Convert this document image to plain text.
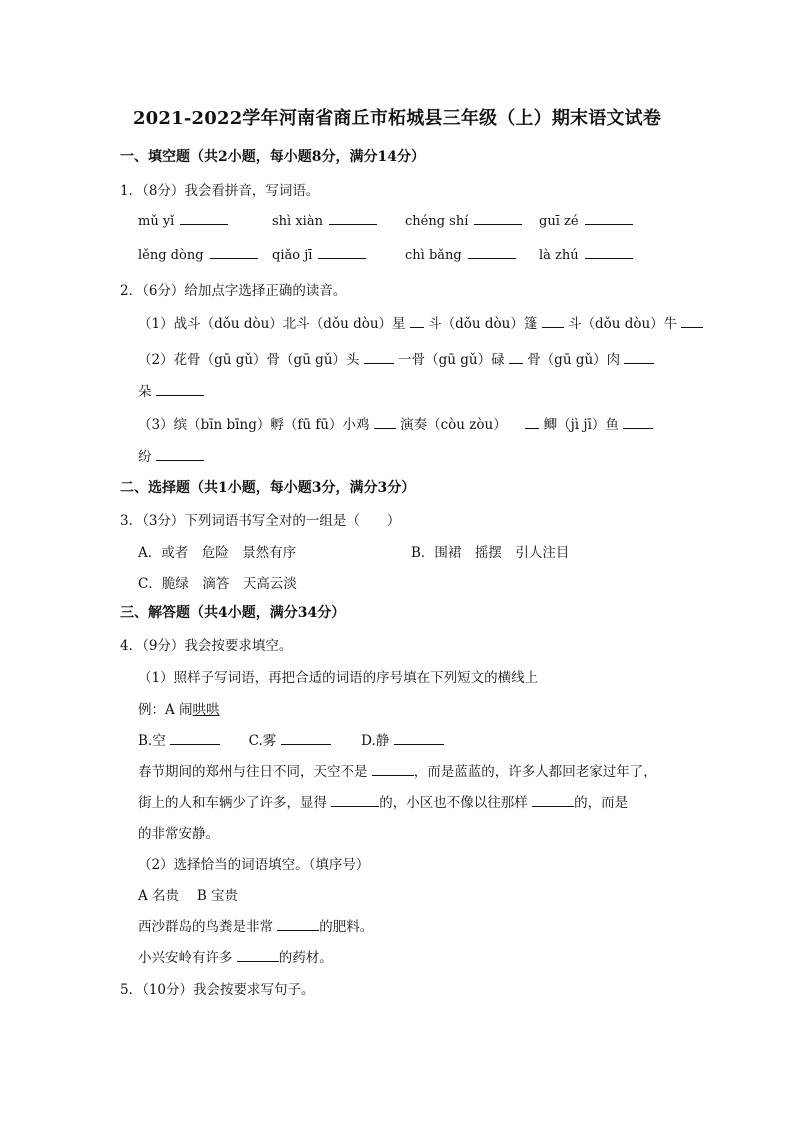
2021-2022学年河南省商丘市柘城县三年级（上）期末语文试卷
一、填空题（共2小题，每小题8分，满分14分）
1．（8分）我会看拼音，写词语。
mǔ yǐ	shì xiàn	chéng shí	guī zé
lěng dòng	qiǎo jī	chì bǎng	là zhú
2．（6分）给加点字选择正确的读音。
（1）战斗（dǒu dòu）北斗（dǒu dòu）星 斗（dǒu dòu）篷 斗（dǒu dòu）牛
（2）花骨（gū gǔ）骨（gū gǔ）头	一骨（gū gǔ）碌 骨（gū gǔ）肉
朵
（3）缤（bīn bīng）孵（fū fū）小鸡 演奏（còu zòu）	鲫（jì jī）鱼
纷
二、选择题（共1小题，每小题3分，满分3分）
3．（3分）下列词语书写全对的一组是（　　）
A．或者　危险　景然有序	B．围裙　摇摆　引人注目
C．脆绿　滴答　天高云淡
三、解答题（共4小题，满分34分）
4．（9分）我会按要求填空。
（1）照样子写词语，再把合适的词语的序号填在下列短文的横线上
例：A 闹哄哄
B.空	C.雾	D.静
春节期间的郑州与往日不同，天空不是	，而是蓝蓝的，许多人都回老家过年了，
街上的人和车辆少了许多，显得	的，小区也不像以往那样	的，而是
的非常安静。
（2）选择恰当的词语填空。（填序号）
A 名贵　 B 宝贵
西沙群岛的鸟粪是非常	的肥料。
小兴安岭有许多	的药材。
5．（10分）我会按要求写句子。
